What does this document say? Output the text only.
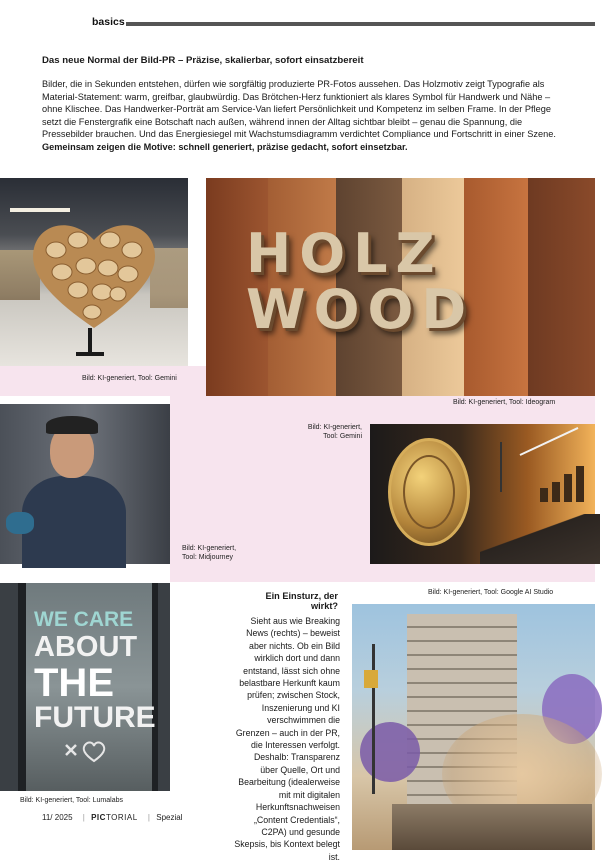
basics
Das neue Normal der Bild-PR – Präzise, skalierbar, sofort einsatzbereit
Bilder, die in Sekunden entstehen, dürfen wie sorgfältig produzierte PR-Fotos aussehen. Das Holzmotiv zeigt Typografie als Material-Statement: warm, greifbar, glaubwürdig. Das Brötchen-Herz funktioniert als klares Symbol für Handwerk und Nähe – ohne Klischee. Das Handwerker-Porträt am Service-Van liefert Persönlichkeit und Kompetenz im selben Frame. In der Pflege setzt die Fenstergrafik eine Botschaft nach außen, während innen der Alltag sichtbar bleibt – genau die Spannung, die Pressebilder brauchen. Und das Energiesiegel mit Wachstumsdiagramm verdichtet Compliance und Fortschritt in einer Szene. Gemeinsam zeigen die Motive: schnell generiert, präzise gedacht, sofort einsetzbar.
Bild: KI-generiert, Tool: Gemini
HOLZ
WOOD
Bild: KI-generiert, Tool: Ideogram
Bild: KI-generiert,
Tool: Midjourney
Bild: KI-generiert,
Tool: Gemini
WE CARE
ABOUT
THE
FUTURE
Bild: KI-generiert, Tool: Lumalabs
Bild: KI-generiert, Tool: Google AI Studio
Ein Einsturz, der wirkt?
Sieht aus wie Breaking News (rechts) – beweist aber nichts. Ob ein Bild wirklich dort und dann entstand, lässt sich ohne belastbare Herkunft kaum prüfen; zwischen Stock, Inszenierung und KI verschwimmen die Grenzen – auch in der PR, die Interessen verfolgt. Deshalb: Transparenz über Quelle, Ort und Bearbeitung (idealerweise mit mit digitalen Herkunftsnachweisen „Content Credentials“, C2PA) und gesunde Skepsis, bis Kontext belegt ist.
11/ 2025 | PICTORIAL | Spezial
